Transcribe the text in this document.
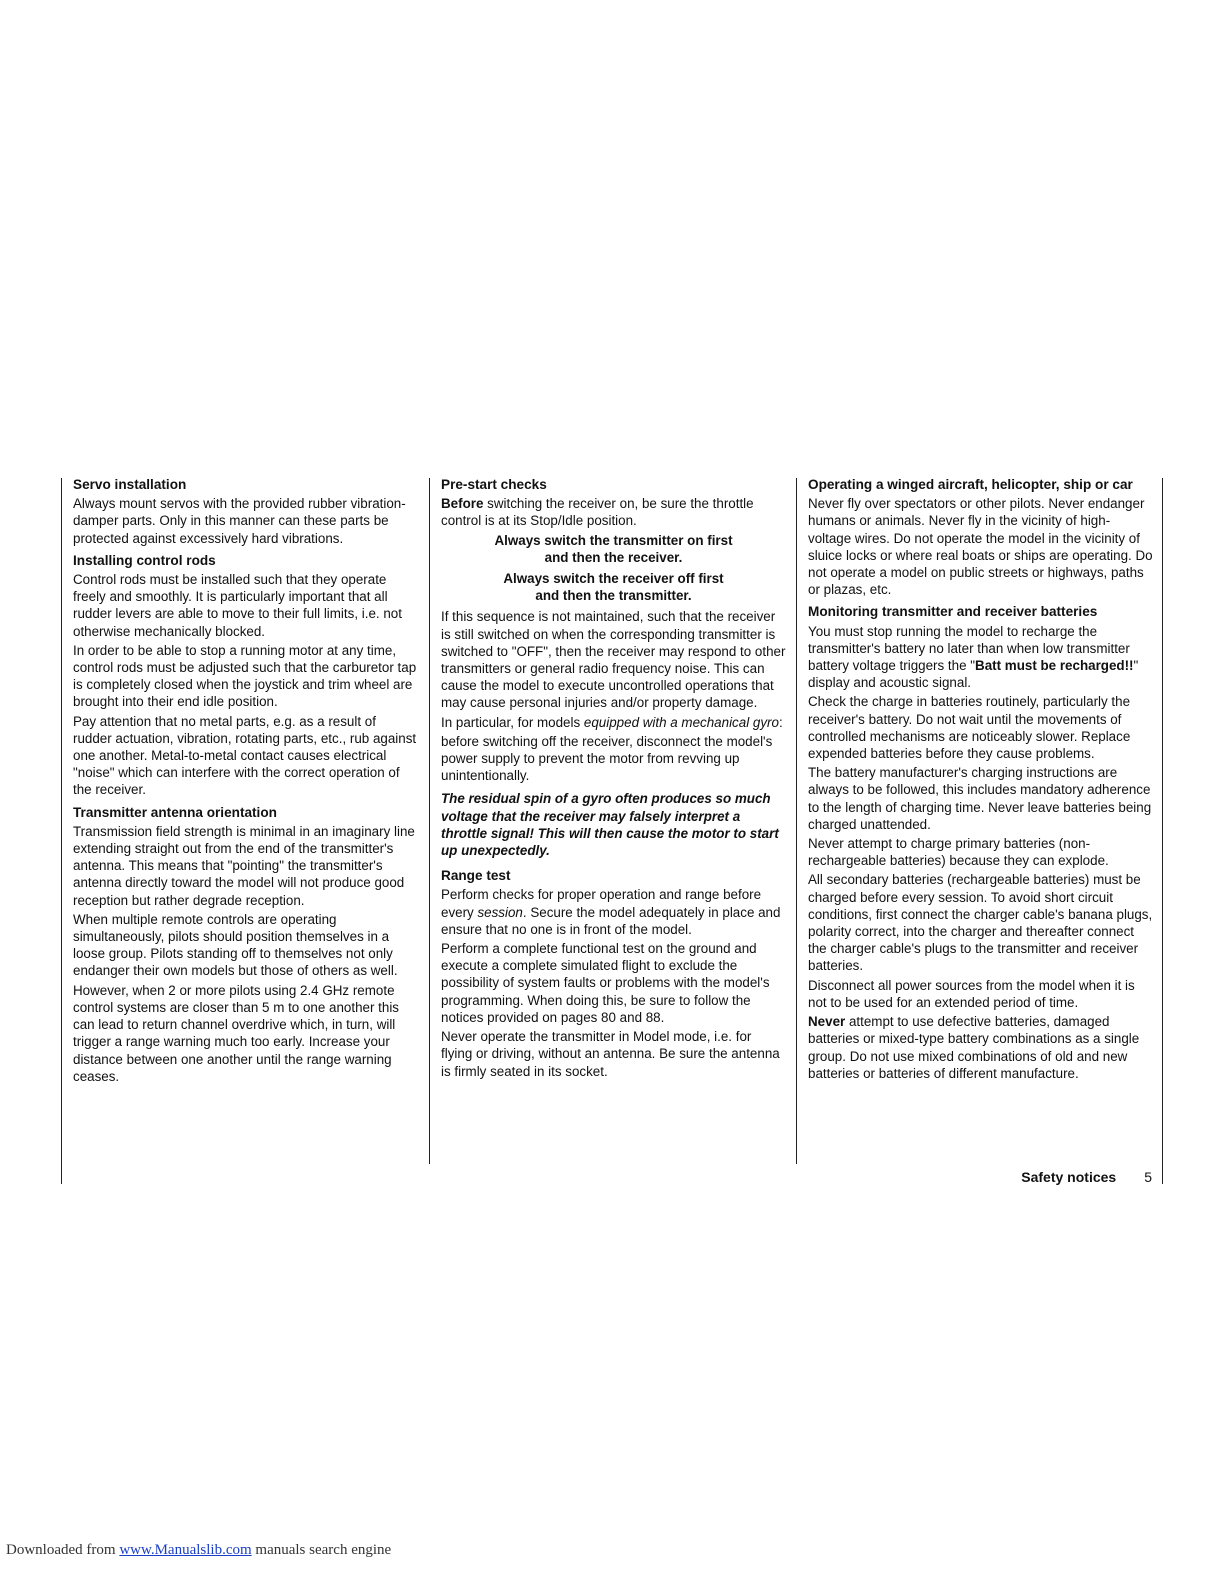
Servo installation

Always mount servos with the provided rubber vibration-damper parts. Only in this manner can these parts be protected against excessively hard vibrations.

Installing control rods

Control rods must be installed such that they operate freely and smoothly. It is particularly important that all rudder levers are able to move to their full limits, i.e. not otherwise mechanically blocked.

In order to be able to stop a running motor at any time, control rods must be adjusted such that the carburetor tap is completely closed when the joystick and trim wheel are brought into their end idle position.

Pay attention that no metal parts, e.g. as a result of rudder actuation, vibration, rotating parts, etc., rub against one another. Metal-to-metal contact causes electrical "noise" which can interfere with the correct operation of the receiver.

Transmitter antenna orientation

Transmission field strength is minimal in an imaginary line extending straight out from the end of the transmitter's antenna. This means that "pointing" the transmitter's antenna directly toward the model will not produce good reception but rather degrade reception.

When multiple remote controls are operating simultaneously, pilots should position themselves in a loose group. Pilots standing off to themselves not only endanger their own models but those of others as well.

However, when 2 or more pilots using 2.4 GHz remote control systems are closer than 5 m to one another this can lead to return channel overdrive which, in turn, will trigger a range warning much too early. Increase your distance between one another until the range warning ceases.

Pre-start checks

Before switching the receiver on, be sure the throttle control is at its Stop/Idle position.

Always switch the transmitter on first
and then the receiver.
Always switch the receiver off first
and then the transmitter.

If this sequence is not maintained, such that the receiver is still switched on when the corresponding transmitter is switched to "OFF", then the receiver may respond to other transmitters or general radio frequency noise. This can cause the model to execute uncontrolled operations that may cause personal injuries and/or property damage.

In particular, for models equipped with a mechanical gyro:

before switching off the receiver, disconnect the model's power supply to prevent the motor from revving up unintentionally.

The residual spin of a gyro often produces so much voltage that the receiver may falsely interpret a throttle signal! This will then cause the motor to start up unexpectedly.

Range test

Perform checks for proper operation and range before every session. Secure the model adequately in place and ensure that no one is in front of the model.

Perform a complete functional test on the ground and execute a complete simulated flight to exclude the possibility of system faults or problems with the model's programming. When doing this, be sure to follow the notices provided on pages 80 and 88.

Never operate the transmitter in Model mode, i.e. for flying or driving, without an antenna. Be sure the antenna is firmly seated in its socket.

Operating a winged aircraft, helicopter, ship or car

Never fly over spectators or other pilots. Never endanger humans or animals. Never fly in the vicinity of high-voltage wires. Do not operate the model in the vicinity of sluice locks or where real boats or ships are operating. Do not operate a model on public streets or highways, paths or plazas, etc.

Monitoring transmitter and receiver batteries

You must stop running the model to recharge the transmitter's battery no later than when low transmitter battery voltage triggers the "Batt must be recharged!!" display and acoustic signal.

Check the charge in batteries routinely, particularly the receiver's battery. Do not wait until the movements of controlled mechanisms are noticeably slower. Replace expended batteries before they cause problems.

The battery manufacturer's charging instructions are always to be followed, this includes mandatory adherence to the length of charging time. Never leave batteries being charged unattended.

Never attempt to charge primary batteries (non-rechargeable batteries) because they can explode.

All secondary batteries (rechargeable batteries) must be charged before every session. To avoid short circuit conditions, first connect the charger cable's banana plugs, polarity correct, into the charger and thereafter connect the charger cable's plugs to the transmitter and receiver batteries.

Disconnect all power sources from the model when it is not to be used for an extended period of time.

Never attempt to use defective batteries, damaged batteries or mixed-type battery combinations as a single group. Do not use mixed combinations of old and new batteries or batteries of different manufacture.

Safety notices 5
Downloaded from www.Manualslib.com manuals search engine
